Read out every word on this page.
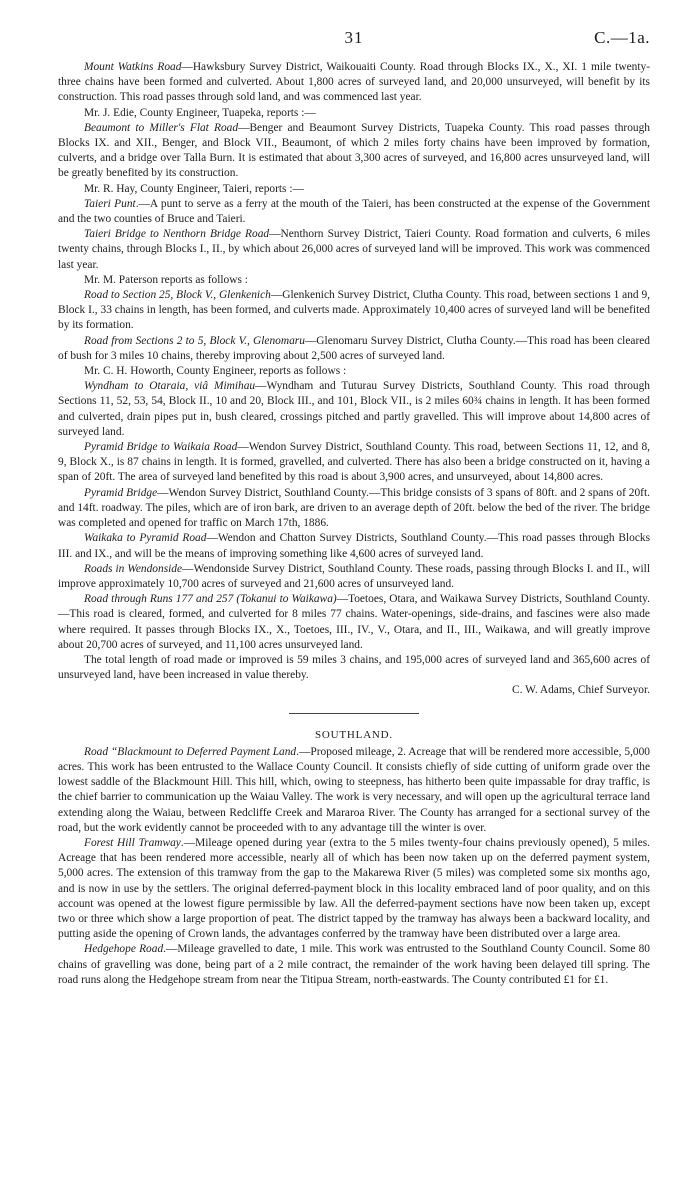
31	C.—1a.

Mount Watkins Road—Hawksbury Survey District, Waikouaiti County. Road through Blocks IX., X., XI. 1 mile twenty-three chains have been formed and culverted. About 1,800 acres of surveyed land, and 20,000 unsurveyed, will benefit by its construction. This road passes through sold land, and was commenced last year.

Mr. J. Edie, County Engineer, Tuapeka, reports :—

Beaumont to Miller's Flat Road—Benger and Beaumont Survey Districts, Tuapeka County. This road passes through Blocks IX. and XII., Benger, and Block VII., Beaumont, of which 2 miles forty chains have been improved by formation, culverts, and a bridge over Talla Burn. It is estimated that about 3,300 acres of surveyed, and 16,800 acres unsurveyed land, will be greatly benefited by its construction.

Mr. R. Hay, County Engineer, Taieri, reports :—

Taieri Punt.—A punt to serve as a ferry at the mouth of the Taieri, has been constructed at the expense of the Government and the two counties of Bruce and Taieri.

Taieri Bridge to Nenthorn Bridge Road—Nenthorn Survey District, Taieri County. Road formation and culverts, 6 miles twenty chains, through Blocks I., II., by which about 26,000 acres of surveyed land will be improved. This work was commenced last year.

Mr. M. Paterson reports as follows :

Road to Section 25, Block V., Glenkenich—Glenkenich Survey District, Clutha County. This road, between sections 1 and 9, Block I., 33 chains in length, has been formed, and culverts made. Approximately 10,400 acres of surveyed land will be benefited by its formation.

Road from Sections 2 to 5, Block V., Glenomaru—Glenomaru Survey District, Clutha County.—This road has been cleared of bush for 3 miles 10 chains, thereby improving about 2,500 acres of surveyed land.

Mr. C. H. Howorth, County Engineer, reports as follows :

Wyndham to Otaraia, viâ Mimihau—Wyndham and Tuturau Survey Districts, Southland County. This road through Sections 11, 52, 53, 54, Block II., 10 and 20, Block III., and 101, Block VII., is 2 miles 60¾ chains in length. It has been formed and culverted, drain pipes put in, bush cleared, crossings pitched and partly gravelled. This will improve about 14,800 acres of surveyed land.

Pyramid Bridge to Waikaia Road—Wendon Survey District, Southland County. This road, between Sections 11, 12, and 8, 9, Block X., is 87 chains in length. It is formed, gravelled, and culverted. There has also been a bridge constructed on it, having a span of 20ft. The area of surveyed land benefited by this road is about 3,900 acres, and unsurveyed, about 14,800 acres.

Pyramid Bridge—Wendon Survey District, Southland County.—This bridge consists of 3 spans of 80ft. and 2 spans of 20ft. and 14ft. roadway. The piles, which are of iron bark, are driven to an average depth of 20ft. below the bed of the river. The bridge was completed and opened for traffic on March 17th, 1886.

Waikaka to Pyramid Road—Wendon and Chatton Survey Districts, Southland County.—This road passes through Blocks III. and IX., and will be the means of improving something like 4,600 acres of surveyed land.

Roads in Wendonside—Wendonside Survey District, Southland County. These roads, passing through Blocks I. and II., will improve approximately 10,700 acres of surveyed and 21,600 acres of unsurveyed land.

Road through Runs 177 and 257 (Tokanui to Waikawa)—Toetoes, Otara, and Waikawa Survey Districts, Southland County.—This road is cleared, formed, and culverted for 8 miles 77 chains. Water-openings, side-drains, and fascines were also made where required. It passes through Blocks IX., X., Toetoes, III., IV., V., Otara, and II., III., Waikawa, and will greatly improve about 20,700 acres of surveyed, and 11,100 acres unsurveyed land.

The total length of road made or improved is 59 miles 3 chains, and 195,000 acres of surveyed land and 365,600 acres of unsurveyed land, have been increased in value thereby.

C. W. Adams, Chief Surveyor.

SOUTHLAND.

Road “Blackmount to Deferred Payment Land.—Proposed mileage, 2. Acreage that will be rendered more accessible, 5,000 acres. This work has been entrusted to the Wallace County Council. It consists chiefly of side cutting of uniform grade over the lowest saddle of the Blackmount Hill. This hill, which, owing to steepness, has hitherto been quite impassable for dray traffic, is the chief barrier to communication up the Waiau Valley. The work is very necessary, and will open up the agricultural terrace land extending along the Waiau, between Redcliffe Creek and Mararoa River. The County has arranged for a sectional survey of the road, but the work evidently cannot be proceeded with to any advantage till the winter is over.

Forest Hill Tramway.—Mileage opened during year (extra to the 5 miles twenty-four chains previously opened), 5 miles. Acreage that has been rendered more accessible, nearly all of which has been now taken up on the deferred payment system, 5,000 acres. The extension of this tramway from the gap to the Makarewa River (5 miles) was completed some six months ago, and is now in use by the settlers. The original deferred-payment block in this locality embraced land of poor quality, and on this account was opened at the lowest figure permissible by law. All the deferred-payment sections have now been taken up, except two or three which show a large proportion of peat. The district tapped by the tramway has always been a backward locality, and putting aside the opening of Crown lands, the advantages conferred by the tramway have been distributed over a large area.

Hedgehope Road.—Mileage gravelled to date, 1 mile. This work was entrusted to the Southland County Council. Some 80 chains of gravelling was done, being part of a 2 mile contract, the remainder of the work having been delayed till spring. The road runs along the Hedgehope stream from near the Titipua Stream, north-eastwards. The County contributed £1 for £1.
